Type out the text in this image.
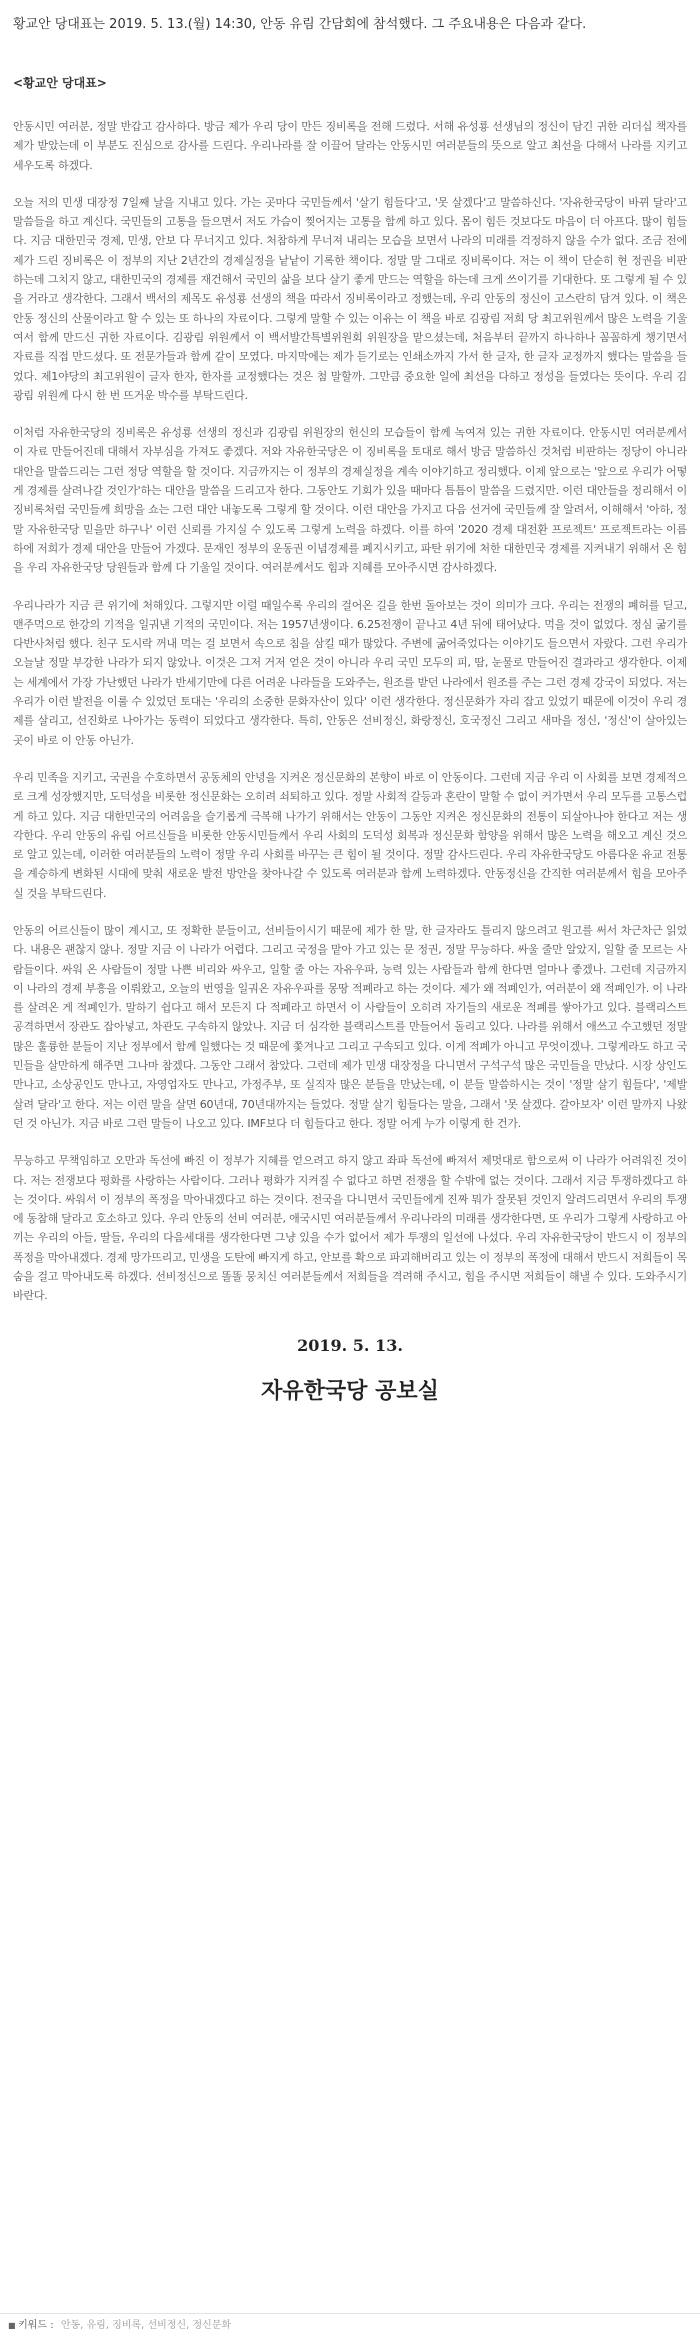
황교안 당대표는 2019. 5. 13.(월) 14:30, 안동 유림 간담회에 참석했다. 그 주요내용은 다음과 같다.

<황교안 당대표>

안동시민 여러분, 정말 반갑고 감사하다. 방금 제가 우리 당이 만든 징비록을 전해 드렸다. 서해 유성룡 선생님의 정신이 담긴 귀한 리더십 책자를 제가 받았는데 이 부분도 진심으로 감사를 드린다. 우리나라를 잘 이끌어 달라는 안동시민 여러분들의 뜻으로 알고 최선을 다해서 나라를 지키고 세우도록 하겠다.

오늘 저의 민생 대장정 7일째 날을 지내고 있다. 가는 곳마다 국민들께서 '살기 힘들다'고, '못 살겠다'고 말씀하신다. '자유한국당이 바뀌 달라'고 말씀들을 하고 계신다. 국민들의 고통을 들으면서 저도 가슴이 찢어지는 고통을 함께 하고 있다. 몸이 힘든 것보다도 마음이 더 아프다. 많이 힘들다. 지금 대한민국 경제, 민생, 안보 다 무너지고 있다. 처참하게 무너져 내리는 모습을 보면서 나라의 미래를 걱정하지 않을 수가 없다. 조금 전에 제가 드린 징비록은 이 정부의 지난 2년간의 경제실정을 낱낱이 기록한 책이다. 정말 말 그대로 징비록이다. 저는 이 책이 단순히 현 정권을 비판하는데 그치지 않고, 대한민국의 경제를 재건해서 국민의 삶을 보다 살기 좋게 만드는 역할을 하는데 크게 쓰이기를 기대한다. 또 그렇게 될 수 있을 거라고 생각한다. 그래서 백서의 제목도 유성룡 선생의 책을 따라서 징비록이라고 정했는데, 우리 안동의 정신이 고스란히 담겨 있다. 이 책은 안동 정신의 산물이라고 할 수 있는 또 하나의 자료이다. 그렇게 말할 수 있는 이유는 이 책을 바로 김광림 저희 당 최고위원께서 많은 노력을 기울여서 함께 만드신 귀한 자료이다. 김광림 위원께서 이 백서발간특별위원회 위원장을 맡으셨는데, 처음부터 끝까지 하나하나 꼼꼼하게 챙기면서 자료를 직접 만드셨다. 또 전문가들과 함께 같이 모였다. 마지막에는 제가 듣기로는 인쇄소까지 가서 한 글자, 한 글자 교정까지 했다는 말씀을 들었다. 제1야당의 최고위원이 글자 한자, 한자를 교정했다는 것은 첨 말할까. 그만큼 중요한 일에 최선을 다하고 정성을 들였다는 뜻이다. 우리 김광림 위원께 다시 한 번 뜨거운 박수를 부탁드린다.

이처럼 자유한국당의 징비록은 유성룡 선생의 정신과 김광림 위원장의 헌신의 모습들이 함께 녹여져 있는 귀한 자료이다. 안동시민 여러분께서 이 자료 만들어진데 대해서 자부심을 가져도 좋겠다. 저와 자유한국당은 이 징비록을 토대로 해서 방금 말씀하신 것처럼 비판하는 정당이 아니라 대안을 말씀드리는 그런 정당 역할을 할 것이다. 지금까지는 이 정부의 경제실정을 계속 이야기하고 정리했다. 이제 앞으로는 '앞으로 우리가 어떻게 경제를 살려나갈 것인가'하는 대안을 말씀을 드리고자 한다. 그동안도 기회가 있을 때마다 틈틈이 말씀을 드렸지만. 이런 대안들을 정리해서 이 징비록처럼 국민들께 희망을 쇼는 그런 대안 내놓도록 그렇게 할 것이다. 이런 대안을 가지고 다음 선거에 국민들께 잘 알려서, 이해해서 '아하, 정말 자유한국당 믿을만 하구나' 이런 신뢰를 가지실 수 있도록 그렇게 노력을 하겠다. 이를 하여 '2020 경제 대전환 프로젝트' 프로젝트라는 이름하에 저희가 경제 대안을 만들어 가겠다. 문재인 정부의 운동권 이념경제를 폐지시키고, 파탄 위기에 처한 대한민국 경제를 지켜내기 위해서 온 힘을 우리 자유한국당 당원들과 함께 다 기울일 것이다. 여러분께서도 힘과 지혜를 모아주시면 감사하겠다.

우리나라가 지금 큰 위기에 처해있다. 그렇지만 이럴 때일수록 우리의 걸어온 길을 한번 돌아보는 것이 의미가 크다. 우리는 전쟁의 폐허를 딛고, 맨주먹으로 한강의 기적을 일궈낸 기적의 국민이다. 저는 1957년생이다. 6.25전쟁이 끝나고 4년 뒤에 태어났다. 먹을 것이 없었다. 정심 굶기를 다반사처럼 했다. 친구 도시락 꺼내 먹는 걸 보면서 속으로 침을 삼킬 때가 많았다. 주변에 굶어죽었다는 이야기도 들으면서 자랐다. 그런 우리가 오늘날 정말 부강한 나라가 되지 않았나. 이것은 그저 거저 얻은 것이 아니라 우리 국민 모두의 피, 땀, 눈물로 만들어진 결과라고 생각한다. 이제는 세계에서 가장 가난했던 나라가 반세기만에 다른 어려운 나라들을 도와주는, 원조를 받던 나라에서 원조를 주는 그런 경제 강국이 되었다. 저는 우리가 이런 발전을 이룰 수 있었던 토대는 '우리의 소중한 문화자산이 있다' 이런 생각한다. 정신문화가 자리 잡고 있었기 때문에 이것이 우리 경제를 살리고, 선진화로 나아가는 동력이 되었다고 생각한다. 특히, 안동은 선비정신, 화랑정신, 호국정신 그리고 새마을 정신, '정신'이 살아있는 곳이 바로 이 안동 아닌가.

우리 민족을 지키고, 국권을 수호하면서 공동체의 안녕을 지켜온 정신문화의 본향이 바로 이 안동이다. 그런데 지금 우리 이 사회를 보면 경제적으로 크게 성장했지만, 도덕성을 비롯한 정신문화는 오히려 쇠퇴하고 있다. 정말 사회적 갈등과 혼란이 말할 수 없이 커가면서 우리 모두를 고통스럽게 하고 있다. 지금 대한민국의 어려움을 슬기롭게 극복해 나가기 위해서는 안동이 그동안 지켜온 정신문화의 전통이 되살아나야 한다고 저는 생각한다. 우리 안동의 유림 어르신들을 비롯한 안동시민들께서 우리 사회의 도덕성 회복과 정신문화 함양을 위해서 많은 노력을 해오고 계신 것으로 알고 있는데, 이러한 여러분들의 노력이 정말 우리 사회를 바꾸는 큰 힘이 될 것이다. 정말 감사드린다. 우리 자유한국당도 아름다운 유교 전통을 계승하게 변화된 시대에 맞춰 새로운 발전 방안을 찾아나갈 수 있도록 여러분과 함께 노력하겠다. 안동정신을 간직한 여러분께서 힘을 모아주실 것을 부탁드린다.

안동의 어르신들이 많이 계시고, 또 정확한 분들이고, 선비들이시기 때문에 제가 한 말, 한 글자라도 틀리지 않으려고 원고를 써서 차근차근 읽었다. 내용은 괜찮지 않나. 정말 지금 이 나라가 어렵다. 그리고 국정을 맡아 가고 있는 문 정권, 정말 무능하다. 싸울 줄만 알았지, 일할 줄 모르는 사람들이다. 싸워 온 사람들이 정말 나쁜 비리와 싸우고, 일할 줄 아는 자유우파, 능력 있는 사람들과 함께 한다면 얼마나 좋겠나. 그런데 지금까지 이 나라의 경제 부흥을 이뤄왔고, 오늘의 번영을 일궈온 자유우파를 몽땅 적폐라고 하는 것이다. 제가 왜 적폐인가, 여러분이 왜 적폐인가. 이 나라를 살려온 게 적폐인가. 말하기 쉽다고 해서 모든지 다 적폐라고 하면서 이 사람들이 오히려 자기들의 새로운 적폐를 쌓아가고 있다. 블랙리스트 공격하면서 장관도 잡아넣고, 차관도 구속하지 않았나. 지금 더 심각한 블랙리스트를 만들어서 돌리고 있다. 나라를 위해서 애쓰고 수고했던 정말 많은 훌륭한 분들이 지난 정부에서 함께 일했다는 것 때문에 쫓겨나고 그리고 구속되고 있다. 이게 적폐가 아니고 무엇이겠나. 그렇게라도 하고 국민들을 살만하게 해주면 그나마 참겠다. 그동안 그래서 참았다. 그런데 제가 민생 대장정을 다니면서 구석구석 많은 국민들을 만났다. 시장 상인도 만나고, 소상공인도 만나고, 자영업자도 만나고, 가정주부, 또 실직자 많은 분들을 만났는데, 이 분들 말씀하시는 것이 '정말 살기 힘들다', '제발 살려 달라'고 한다. 저는 이런 말을 살면 60년대, 70년대까지는 들었다. 정말 살기 힘들다는 말을, 그래서 '못 살겠다. 갈아보자' 이런 말까지 나왔던 것 아닌가. 지금 바로 그런 말들이 나오고 있다. IMF보다 더 힘들다고 한다. 정말 어게 누가 이렇게 한 건가.

무능하고 무책임하고 오만과 독선에 빠진 이 정부가 지혜를 얻으려고 하지 않고 좌파 독선에 빠져서 제멋대로 함으로써 이 나라가 어려워진 것이다. 저는 전쟁보다 평화를 사랑하는 사람이다. 그러나 평화가 지켜질 수 없다고 하면 전쟁을 할 수밖에 없는 것이다. 그래서 지금 투쟁하겠다고 하는 것이다. 싸워서 이 정부의 폭정을 막아내겠다고 하는 것이다. 전국을 다니면서 국민들에게 진짜 뭐가 잘못된 것인지 알려드리면서 우리의 투쟁에 동참해 달라고 호소하고 있다. 우리 안동의 선비 여러분, 애국시민 여러분들께서 우리나라의 미래를 생각한다면, 또 우리가 그렇게 사랑하고 아끼는 우리의 아들, 딸들, 우리의 다음세대를 생각한다면 그냥 있을 수가 없어서 제가 투쟁의 일선에 나섰다. 우리 자유한국당이 반드시 이 정부의 폭정을 막아내겠다. 경제 망가뜨리고, 민생을 도탄에 빠지게 하고, 안보를 확으로 파괴해버리고 있는 이 정부의 폭정에 대해서 반드시 저희들이 목숨을 걸고 막아내도록 하겠다. 선비정신으로 똘똘 뭉치신 여러분들께서 저희들을 격려해 주시고, 힘을 주시면 저희들이 해낼 수 있다. 도와주시기 바란다.

2019. 5. 13.
자유한국당 공보실
■ 키워드 : 안동, 유림, 징비록, 선비정신, 정신문화
